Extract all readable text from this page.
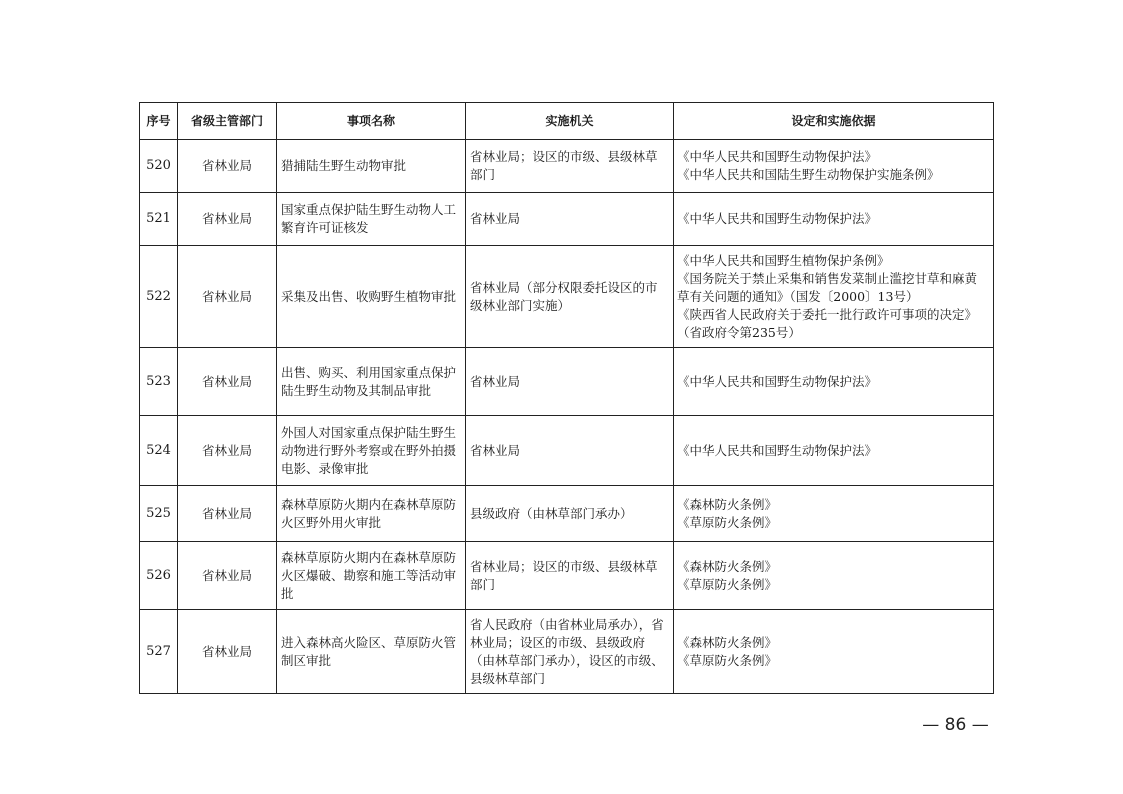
序号	省级主管部门	事项名称	实施机关	设定和实施依据
520	省林业局	猎捕陆生野生动物审批	省林业局；设区的市级、县级林草部门	《中华人民共和国野生动物保护法》
《中华人民共和国陆生野生动物保护实施条例》

521	省林业局	国家重点保护陆生野生动物人工繁育许可证核发	省林业局	《中华人民共和国野生动物保护法》

522	省林业局	采集及出售、收购野生植物审批	省林业局（部分权限委托设区的市级林业部门实施）	《中华人民共和国野生植物保护条例》
《国务院关于禁止采集和销售发菜制止滥挖甘草和麻黄草有关问题的通知》（国发〔2000〕13号）
《陕西省人民政府关于委托一批行政许可事项的决定》（省政府令第235号）

523	省林业局	出售、购买、利用国家重点保护陆生野生动物及其制品审批	省林业局	《中华人民共和国野生动物保护法》

524	省林业局	外国人对国家重点保护陆生野生动物进行野外考察或在野外拍摄电影、录像审批	省林业局	《中华人民共和国野生动物保护法》

525	省林业局	森林草原防火期内在森林草原防火区野外用火审批	县级政府（由林草部门承办）	《森林防火条例》
《草原防火条例》

526	省林业局	森林草原防火期内在森林草原防火区爆破、勘察和施工等活动审批	省林业局；设区的市级、县级林草部门	《森林防火条例》
《草原防火条例》

527	省林业局	进入森林高火险区、草原防火管制区审批	省人民政府（由省林业局承办），省林业局；设区的市级、县级政府（由林草部门承办），设区的市级、县级林草部门	《森林防火条例》
《草原防火条例》
— 86 —
